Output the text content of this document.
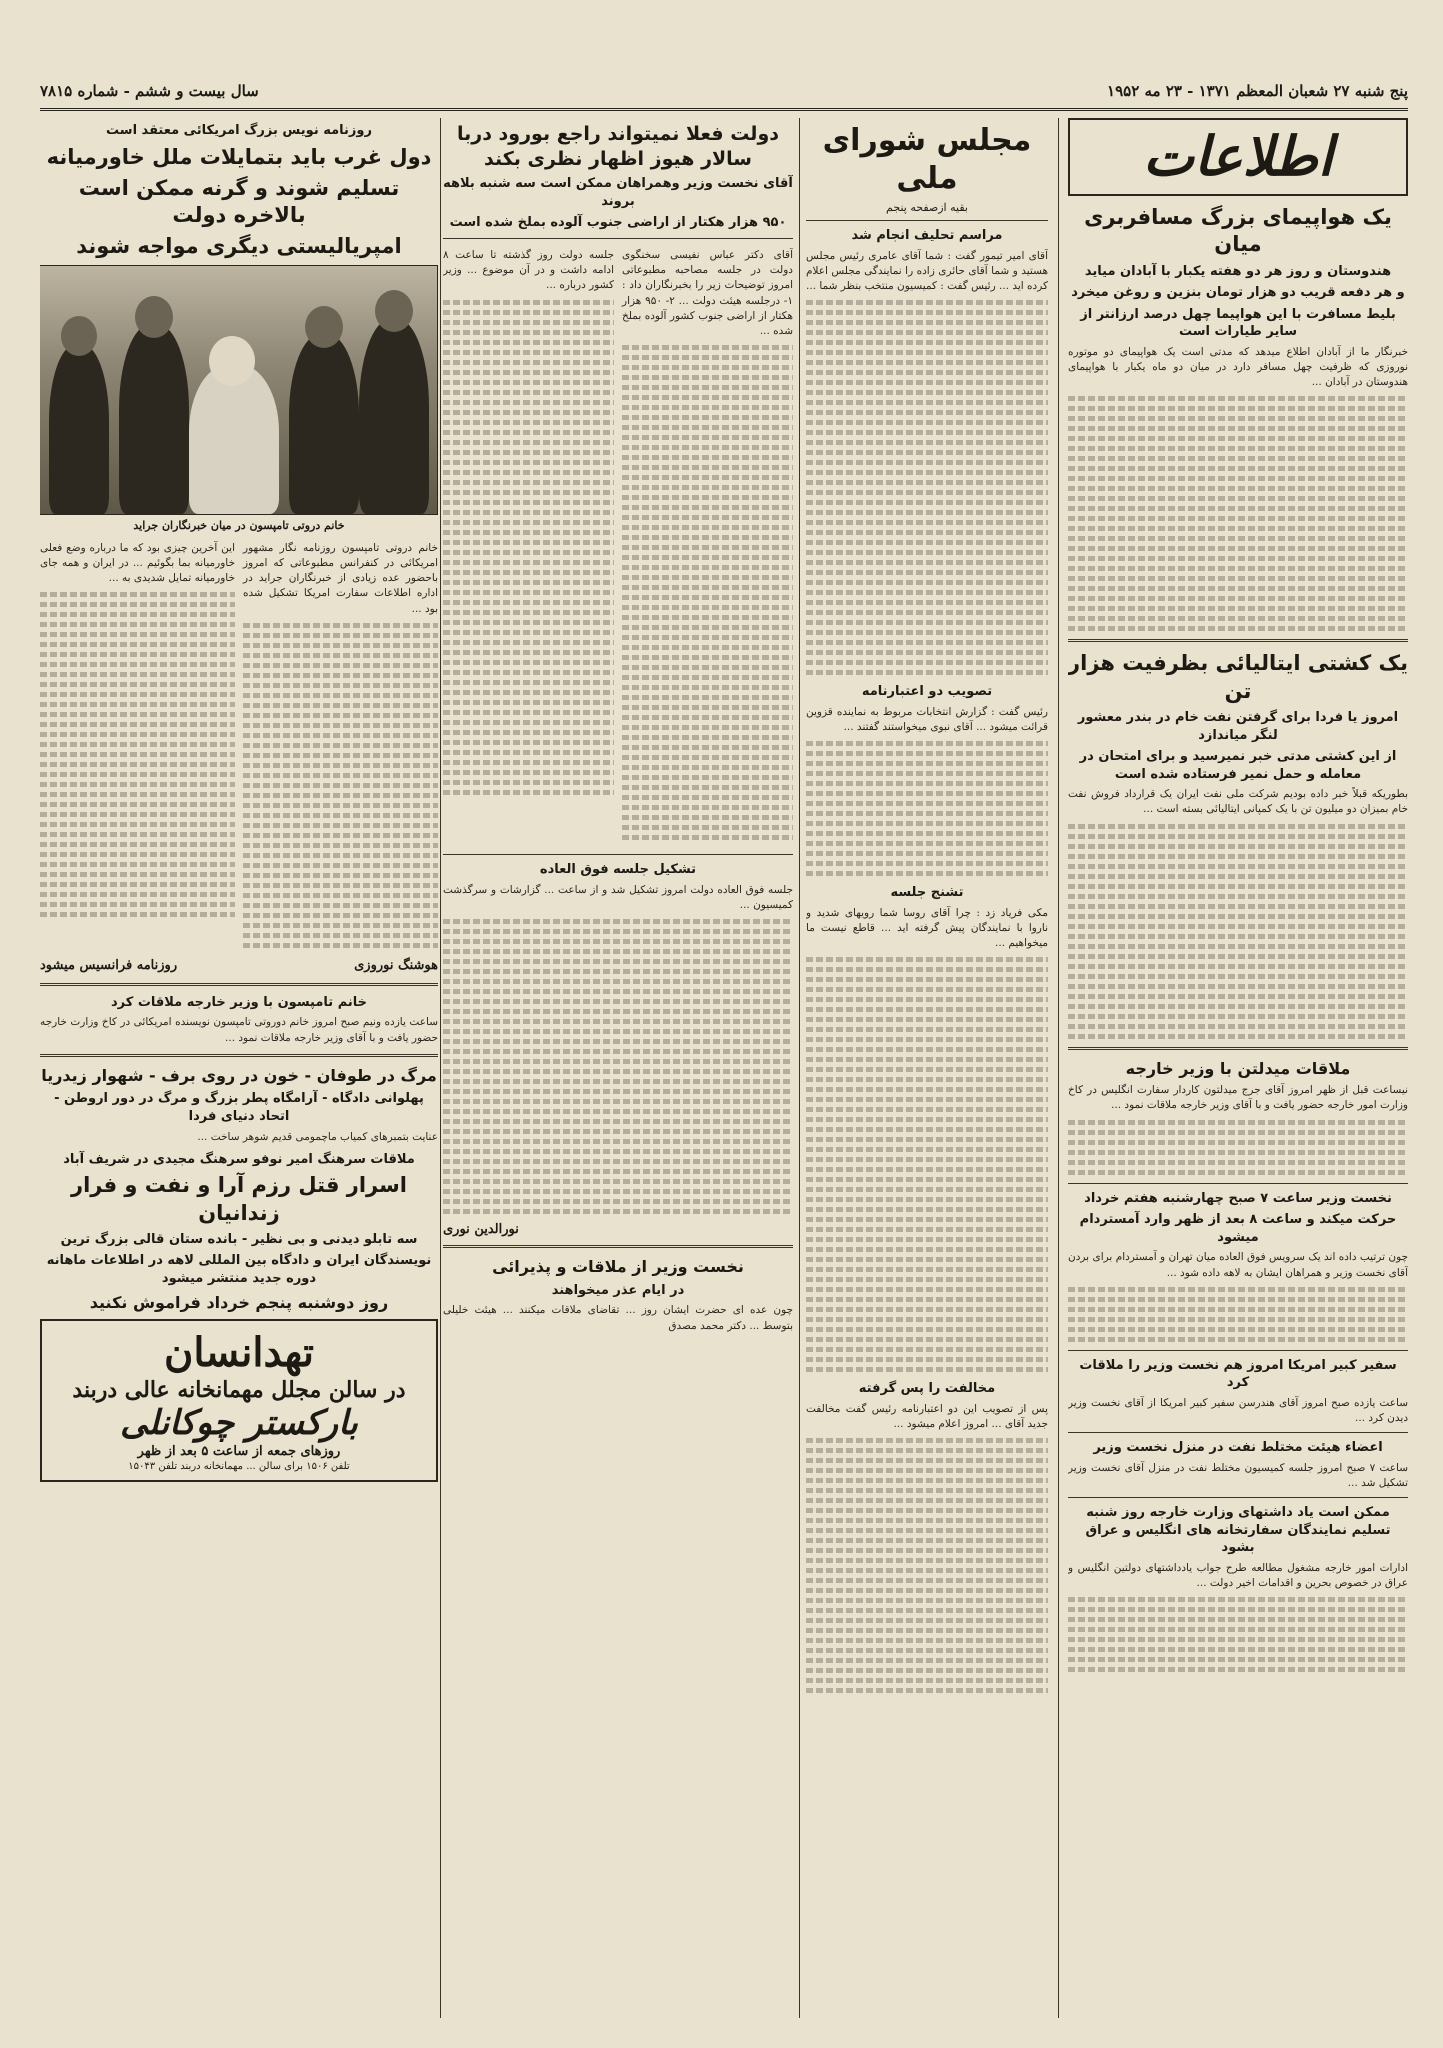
پنج شنبه ۲۷ شعبان المعظم ۱۳۷۱ - ۲۳ مه ۱۹۵۲
سال بیست و ششم - شماره ۷۸۱۵
اطلاعات
یک هواپیمای بزرگ مسافربری میان
هندوستان و روز هر دو هفته یکبار با آبادان میاید
و هر دفعه قریب دو هزار تومان بنزین و روغن میخرد
بلیط مسافرت با این هواپیما چهل درصد ارزانتر از سایر طیارات است

خبرنگار ما از آبادان اطلاع میدهد که مدتی است یک هواپیمای دو موتوره نوروزی که ظرفیت چهل مسافر دارد در میان دو ماه یکبار با هواپیمای هندوستان در آبادان ...

یک کشتی ایتالیائی بظرفیت هزار تن
امروز یا فردا برای گرفتن نفت خام در بندر معشور لنگر میاندازد
از این کشتی مدتی خبر نمیرسید و برای امتحان در معامله و حمل نمیر فرستاده شده است

بطوریکه قبلاً خبر داده بودیم شرکت ملی نفت ایران یک قرارداد فروش نفت خام بمیزان دو میلیون تن با یک کمپانی ایتالیائی بسته است ...

ملاقات میدلتن با وزیر خارجه

نیساعت قبل از ظهر امروز آقای جرج میدلتون کاردار سفارت انگلیس در کاخ وزارت امور خارجه حضور یافت و با آقای وزیر خارجه ملاقات نمود ...

نخست وزیر ساعت ۷ صبح چهارشنبه هفتم خرداد
حرکت میکند و ساعت ۸ بعد از ظهر وارد آمستردام میشود

چون ترتیب داده اند یک سرویس فوق العاده میان تهران و آمستردام برای بردن آقای نخست وزیر و همراهان ایشان به لاهه داده شود ...

سفیر کبیر امریکا امروز هم نخست وزیر را ملاقات کرد

ساعت یازده صبح امروز آقای هندرسن سفیر کبیر امریکا از آقای نخست وزیر دیدن کرد ...

اعضاء هیئت مختلط نفت در منزل نخست وزیر

ساعت ۷ صبح امروز جلسه کمیسیون مختلط نفت در منزل آقای نخست وزیر تشکیل شد ...

ممکن است یاد داشتهای وزارت خارجه روز شنبه تسلیم نمایندگان سفارتخانه های انگلیس و عراق بشود

ادارات امور خارجه مشغول مطالعه طرح جواب یادداشتهای دولتین انگلیس و عراق در خصوص بحرین و اقدامات اخیر دولت ...

مجلس شورای ملی
بقیه ازصفحه پنجم
مراسم تحلیف انجام شد

آقای امیر تیمور گفت : شما آقای عامری رئیس مجلس هستید و شما آقای حائری زاده را نمایندگی مجلس اعلام کرده اید ... رئیس گفت : کمیسیون منتخب بنظر شما ...

تصویب دو اعتبارنامه

رئیس گفت : گزارش انتخابات مربوط به نماینده قزوین قرائت میشود ... آقای نبوی میخواستند گفتند ...

تشنج جلسه

مکی فریاد زد : چرا آقای روسا شما رویهای شدید و ناروا با نمایندگان پیش گرفته اید ... قاطع نیست ما میخواهیم ...

مخالفت را پس گرفته

پس از تصویب این دو اعتبارنامه رئیس گفت مخالفت جدید آقای ... امروز اعلام میشود ...

دولت فعلا نمیتواند راجع بورود دربا سالار هیوز اظهار نظری بکند
آقای نخست وزیر وهمراهان ممکن است سه شنبه بلاهه بروند
۹۵۰ هزار هکتار از اراضی جنوب آلوده بملخ شده است

آقای دکتر عباس نفیسی سخنگوی دولت در جلسه مصاحبه مطبوعاتی امروز توضیحات زیر را بخبرنگاران داد : ۱- درجلسه هیئت دولت ... ۲- ۹۵۰ هزار هکتار از اراضی جنوب کشور آلوده بملخ شده ...

جلسه دولت روز گذشته تا ساعت ۸ ادامه داشت و در آن موضوع ... وزیر کشور درباره ...

تشکیل جلسه فوق العاده

جلسه فوق العاده دولت امروز تشکیل شد و از ساعت ... گزارشات و سرگذشت کمیسیون ...

نورالدین نوری
نخست وزیر از ملاقات و پذیرائی
در ایام عذر میخواهند

چون عده ای حضرت ایشان روز ... تقاضای ملاقات میکنند ... هیئت خلیلی بتوسط ... دکتر محمد مصدق

روزنامه نویس بزرگ امریکائی معتقد است
دول غرب باید بتمایلات ملل خاورمیانه
تسلیم شوند و گرنه ممکن است بالاخره دولت
امپریالیستی دیگری مواجه شوند
خانم دروتی تامپسون در میان خبرنگاران جراید

خانم دروتی تامپسون روزنامه نگار مشهور امریکائی در کنفرانس مطبوعاتی که امروز باحضور عده زیادی از خبرنگاران جراید در اداره اطلاعات سفارت امریکا تشکیل شده بود ...

این آخرین چیزی بود که ما درباره وضع فعلی خاورمیانه بما بگوئیم ... در ایران و همه جای خاورمیانه تمایل شدیدی به ...

هوشنگ نوروزی
روزنامه فرانسیس میشود
خانم تامپسون با وزیر خارجه ملاقات کرد

ساعت یازده ونیم صبح امروز خانم دوروتی تامپسون نویسنده امریکائی در کاخ وزارت خارجه حضور یافت و با آقای وزیر خارجه ملاقات نمود ...

مرگ در طوفان - خون در روی برف - شهوار زیدریا
پهلوانی دادگاه - آرامگاه پطر بزرگ و مرگ در دور اروطن - اتحاد دنیای فردا

عنایت بتمبرهای کمیاب ماچمومی قدیم شوهر ساخت ...

ملاقات سرهنگ امیر نوفو سرهنگ مجیدی در شریف آباد
اسرار قتل رزم آرا و نفت و فرار زندانیان
سه تابلو دیدنی و بی نظیر - بانده ستان قالی بزرگ ترین
نویسندگان ایران و دادگاه بین المللی لاهه در اطلاعات ماهانه دوره جدید منتشر میشود
روز دوشنبه پنجم خرداد فراموش نکنید
تهدانسان
در سالن مجلل مهمانخانه عالی دربند
بارکستر چوکانلی
روزهای جمعه از ساعت ۵ بعد از ظهر
تلفن ۱۵۰۶ برای سالن ... مهمانخانه دربند تلفن ۱۵۰۴۳
